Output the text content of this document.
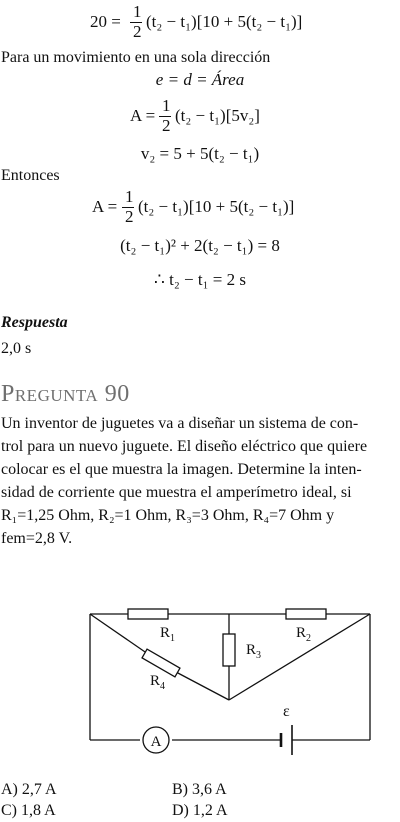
20 =
1
2
(t₂ − t₁)[10 + 5(t₂ − t₁)]
Para un movimiento en una sola dirección
e = d = Área
A =
1
2
(t₂ − t₁)[5v₂]
v₂ = 5 + 5(t₂ − t₁)
Entonces
A =
1
2
(t₂ − t₁)[10 + 5(t₂ − t₁)]
(t₂ − t₁)² + 2(t₂ − t₁) = 8
∴ t₂ − t₁ = 2 s
Respuesta
2,0 s
Pregunta 90
Un inventor de juguetes va a diseñar un sistema de con-
trol para un nuevo juguete. El diseño eléctrico que quiere
colocar es el que muestra la imagen. Determine la inten-
sidad de corriente que muestra el amperímetro ideal, si
R₁=1,25 Ohm, R₂=1 Ohm, R₃=3 Ohm, R₄=7 Ohm y
fem=2,8 V.
A
ε
$R_1$	$R_2$
$R_3$
$R_4$
A) 2,7 A	B) 3,6 A
C) 1,8 A	D) 1,2 A
